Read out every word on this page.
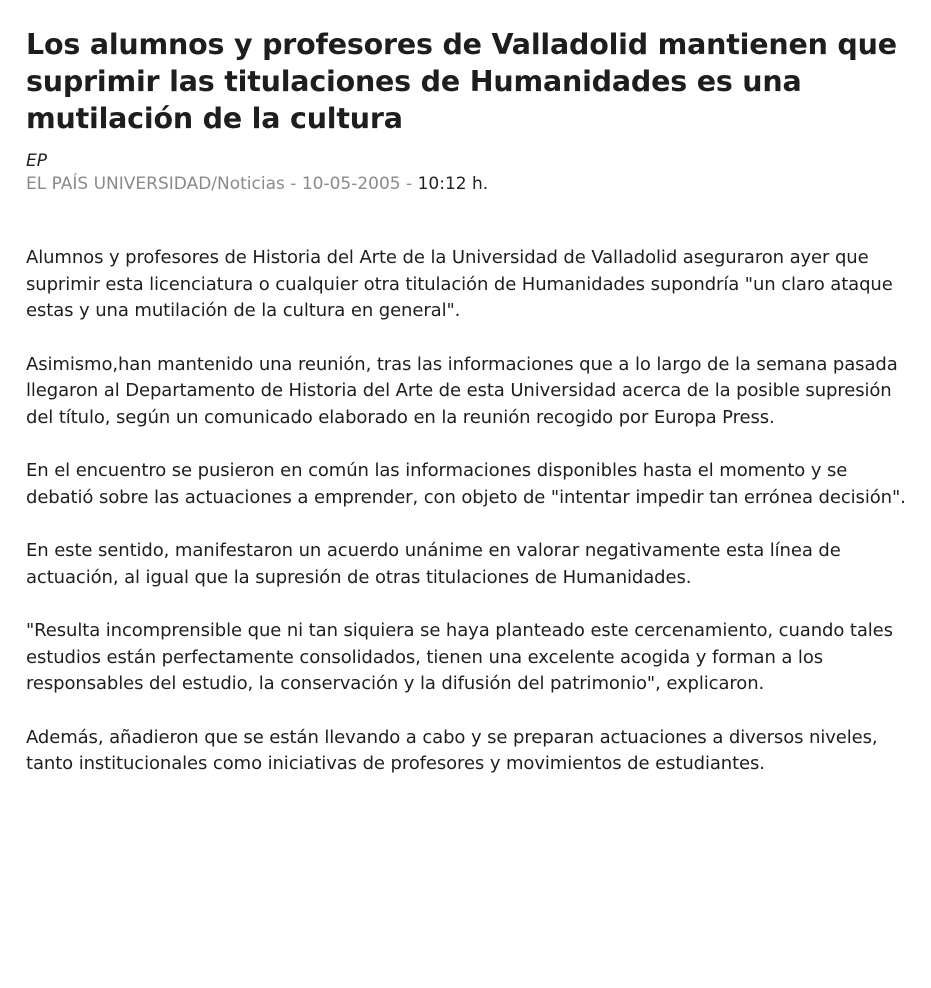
Los alumnos y profesores de Valladolid mantienen que suprimir las titulaciones de Humanidades es una mutilación de la cultura
EP
EL PAÍS UNIVERSIDAD/Noticias - 10-05-2005 - 10:12 h.

Alumnos y profesores de Historia del Arte de la Universidad de Valladolid aseguraron ayer que suprimir esta licenciatura o cualquier otra titulación de Humanidades supondría "un claro ataque estas y una mutilación de la cultura en general".

Asimismo,han mantenido una reunión, tras las informaciones que a lo largo de la semana pasada llegaron al Departamento de Historia del Arte de esta Universidad acerca de la posible supresión del título, según un comunicado elaborado en la reunión recogido por Europa Press.

En el encuentro se pusieron en común las informaciones disponibles hasta el momento y se debatió sobre las actuaciones a emprender, con objeto de "intentar impedir tan errónea decisión".

En este sentido, manifestaron un acuerdo unánime en valorar negativamente esta línea de actuación, al igual que la supresión de otras titulaciones de Humanidades.

"Resulta incomprensible que ni tan siquiera se haya planteado este cercenamiento, cuando tales estudios están perfectamente consolidados, tienen una excelente acogida y forman a los responsables del estudio, la conservación y la difusión del patrimonio", explicaron.

Además, añadieron que se están llevando a cabo y se preparan actuaciones a diversos niveles, tanto institucionales como iniciativas de profesores y movimientos de estudiantes.
